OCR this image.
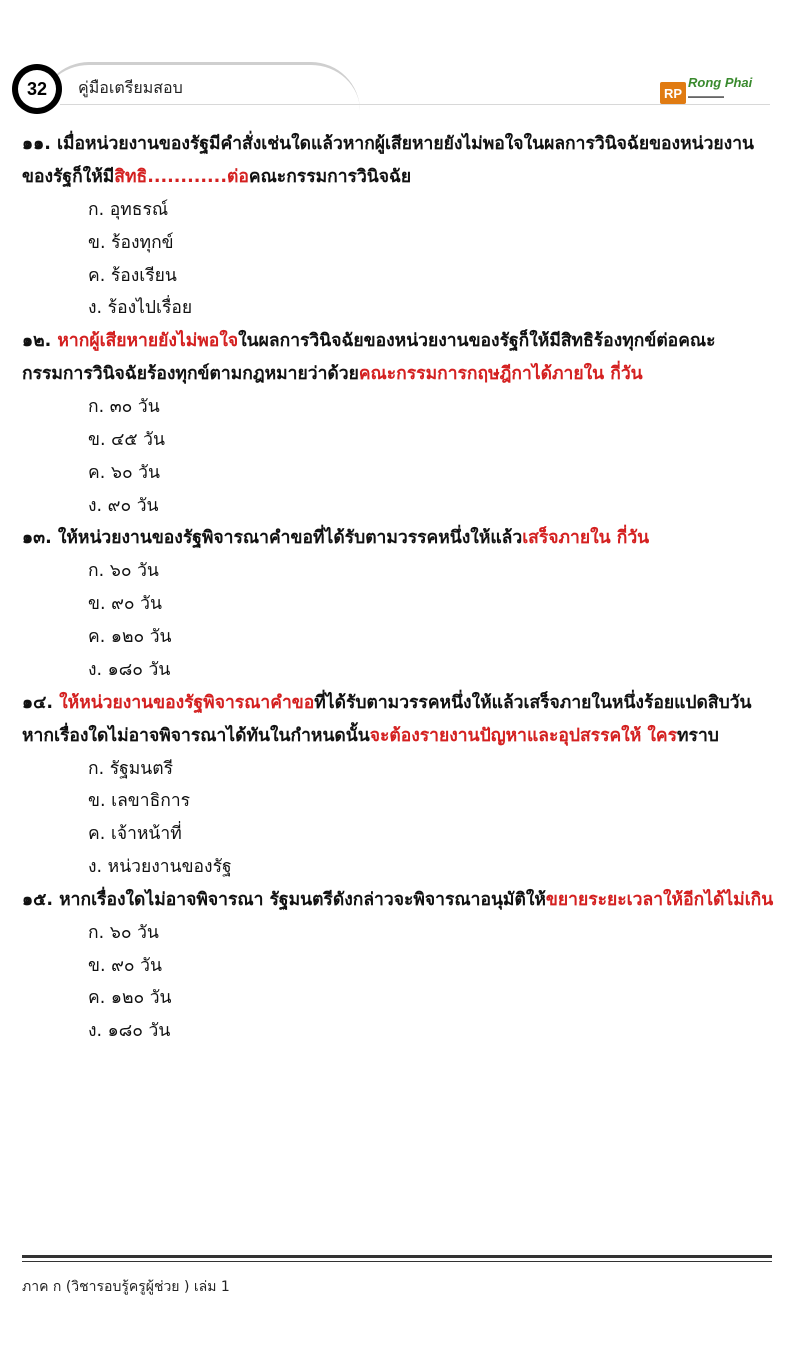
32	คู่มือเตรียมสอบ	RP
Rong Phai
▬▬▬▬▬▬

๑๑. เมื่อหน่วยงานของรัฐมีคำสั่งเช่นใดแล้วหากผู้เสียหายยังไม่พอใจในผลการวินิจฉัยของหน่วยงานของรัฐก็ให้มีสิทธิ............ต่อคณะกรรมการวินิจฉัย

ก. อุทธรณ์

ข. ร้องทุกข์

ค. ร้องเรียน

ง. ร้องไปเรื่อย

๑๒. หากผู้เสียหายยังไม่พอใจในผลการวินิจฉัยของหน่วยงานของรัฐก็ให้มีสิทธิร้องทุกข์ต่อคณะกรรมการวินิจฉัยร้องทุกข์ตามกฎหมายว่าด้วยคณะกรรมการกฤษฎีกาได้ภายใน กี่วัน

ก. ๓๐ วัน

ข. ๔๕ วัน

ค. ๖๐ วัน

ง. ๙๐ วัน

๑๓. ให้หน่วยงานของรัฐพิจารณาคำขอที่ได้รับตามวรรคหนึ่งให้แล้วเสร็จภายใน กี่วัน

ก. ๖๐ วัน

ข. ๙๐ วัน

ค. ๑๒๐ วัน

ง. ๑๘๐ วัน

๑๔. ให้หน่วยงานของรัฐพิจารณาคำขอที่ได้รับตามวรรคหนึ่งให้แล้วเสร็จภายในหนึ่งร้อยแปดสิบวัน หากเรื่องใดไม่อาจพิจารณาได้ทันในกำหนดนั้นจะต้องรายงานปัญหาและอุปสรรคให้ ใครทราบ

ก. รัฐมนตรี

ข. เลขาธิการ

ค. เจ้าหน้าที่

ง. หน่วยงานของรัฐ

๑๕. หากเรื่องใดไม่อาจพิจารณา รัฐมนตรีดังกล่าวจะพิจารณาอนุมัติให้ขยายระยะเวลาให้อีกได้ไม่เกิน

ก. ๖๐ วัน

ข. ๙๐ วัน

ค. ๑๒๐ วัน

ง. ๑๘๐ วัน

ภาค ก (วิชารอบรู้ครูผู้ช่วย ) เล่ม 1
